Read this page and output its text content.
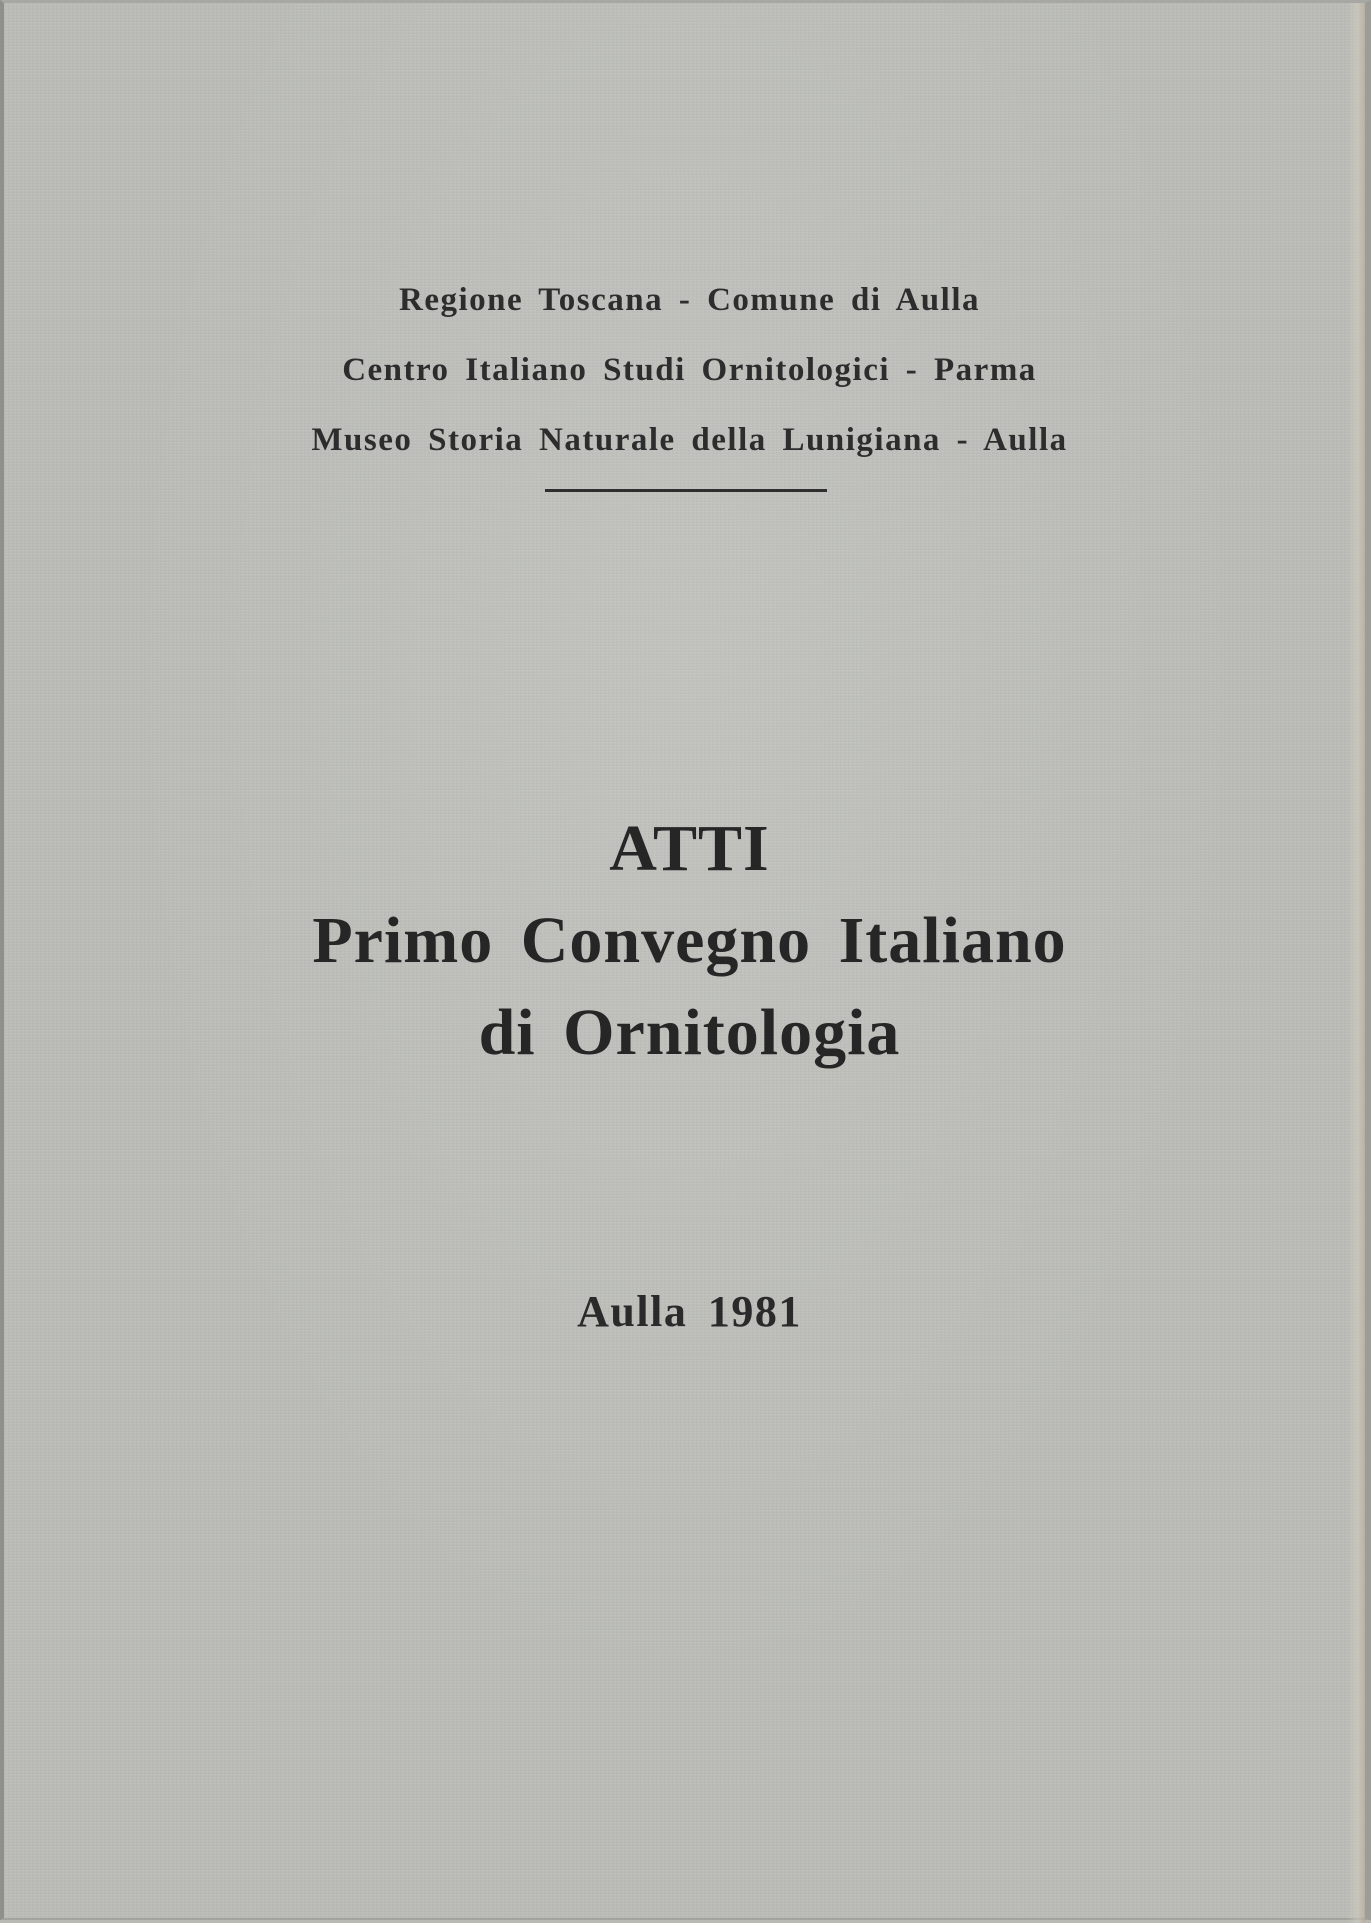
Regione Toscana - Comune di Aulla
Centro Italiano Studi Ornitologici - Parma
Museo Storia Naturale della Lunigiana - Aulla
ATTI
Primo Convegno Italiano
di Ornitologia
Aulla 1981
